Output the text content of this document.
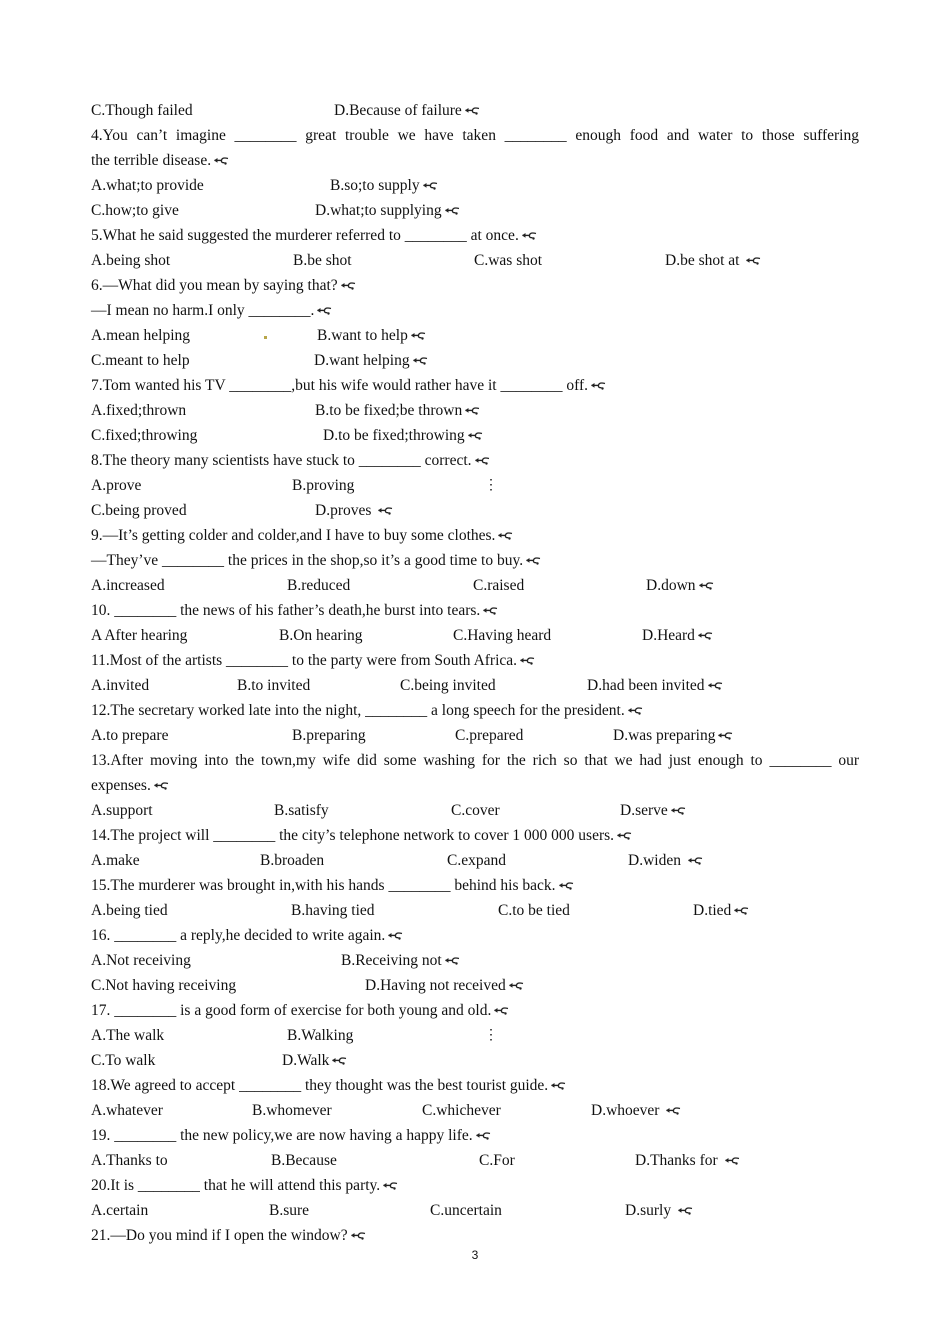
C.Though failed	D.Because of failure
4.You can’t imagine ________ great trouble we have taken ________ enough food and water to those suffering
the terrible disease.
A.what;to provide	B.so;to supply
C.how;to give	D.what;to supplying
5.What he said suggested the murderer referred to ________ at once.
A.being shot	B.be shot	C.was shot	D.be shot at
6.—What did you mean by saying that?
—I mean no harm.I only ________.
A.mean helping	B.want to help
C.meant to help	D.want helping
7.Tom wanted his TV ________,but his wife would rather have it ________ off.
A.fixed;thrown	B.to be fixed;be thrown
C.fixed;throwing	D.to be fixed;throwing
8.The theory many scientists have stuck to ________ correct.
A.prove	B.proving	⋮
C.being proved	D.proves
9.—It’s getting colder and colder,and I have to buy some clothes.
—They’ve ________ the prices in the shop,so it’s a good time to buy.
A.increased	B.reduced	C.raised	D.down
10. ________ the news of his father’s death,he burst into tears.
A After hearing	B.On hearing	C.Having heard	D.Heard
11.Most of the artists ________ to the party were from South Africa.
A.invited	B.to invited	C.being invited	D.had been invited
12.The secretary worked late into the night, ________ a long speech for the president.
A.to prepare	B.preparing	C.prepared	D.was preparing
13.After moving into the town,my wife did some washing for the rich so that we had just enough to ________ our
expenses.
A.support	B.satisfy	C.cover	D.serve
14.The project will ________ the city’s telephone network to cover 1 000 000 users.
A.make	B.broaden	C.expand	D.widen
15.The murderer was brought in,with his hands ________ behind his back.
A.being tied	B.having tied	C.to be tied	D.tied
16. ________ a reply,he decided to write again.
A.Not receiving	B.Receiving not
C.Not having receiving	D.Having not received
17. ________ is a good form of exercise for both young and old.
A.The walk	B.Walking	⋮
C.To walk	D.Walk
18.We agreed to accept ________ they thought was the best tourist guide.
A.whatever	B.whomever	C.whichever	D.whoever
19. ________ the new policy,we are now having a happy life.
A.Thanks to	B.Because	C.For	D.Thanks for
20.It is ________ that he will attend this party.
A.certain	B.sure	C.uncertain	D.surly
21.—Do you mind if I open the window?
3
